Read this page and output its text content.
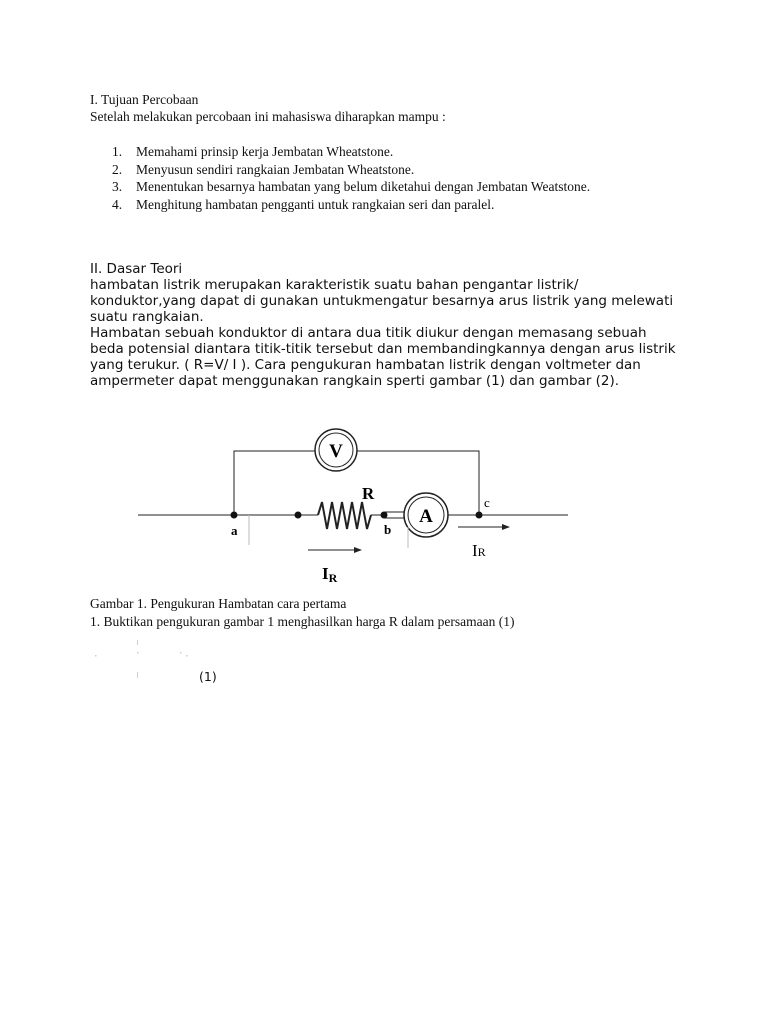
I. Tujuan Percobaan
Setelah melakukan percobaan ini mahasiswa diharapkan mampu :
1. Memahami prinsip kerja Jembatan Wheatstone.
2. Menyusun sendiri rangkaian Jembatan Wheatstone.
3. Menentukan besarnya hambatan yang belum diketahui dengan Jembatan Weatstone.
4. Menghitung hambatan pengganti untuk rangkaian seri dan paralel.

II. Dasar Teori

hambatan listrik merupakan karakteristik suatu bahan pengantar listrik/

konduktor,yang dapat di gunakan untukmengatur besarnya arus listrik yang melewati

suatu rangkaian.

Hambatan sebuah konduktor di antara dua titik diukur dengan memasang sebuah

beda potensial diantara titik-titik tersebut dan membandingkannya dengan arus listrik

yang terukur. ( R=V/ I ). Cara pengukuran hambatan listrik dengan voltmeter dan

ampermeter dapat menggunakan rangkain sperti gambar (1) dan gambar (2).

V
R
A
a	b
c
IR
IR
Gambar 1. Pengukuran Hambatan cara pertama
1. Buktikan pengukuran gambar 1 menghasilkan harga R dalam persamaan (1)
(1)
